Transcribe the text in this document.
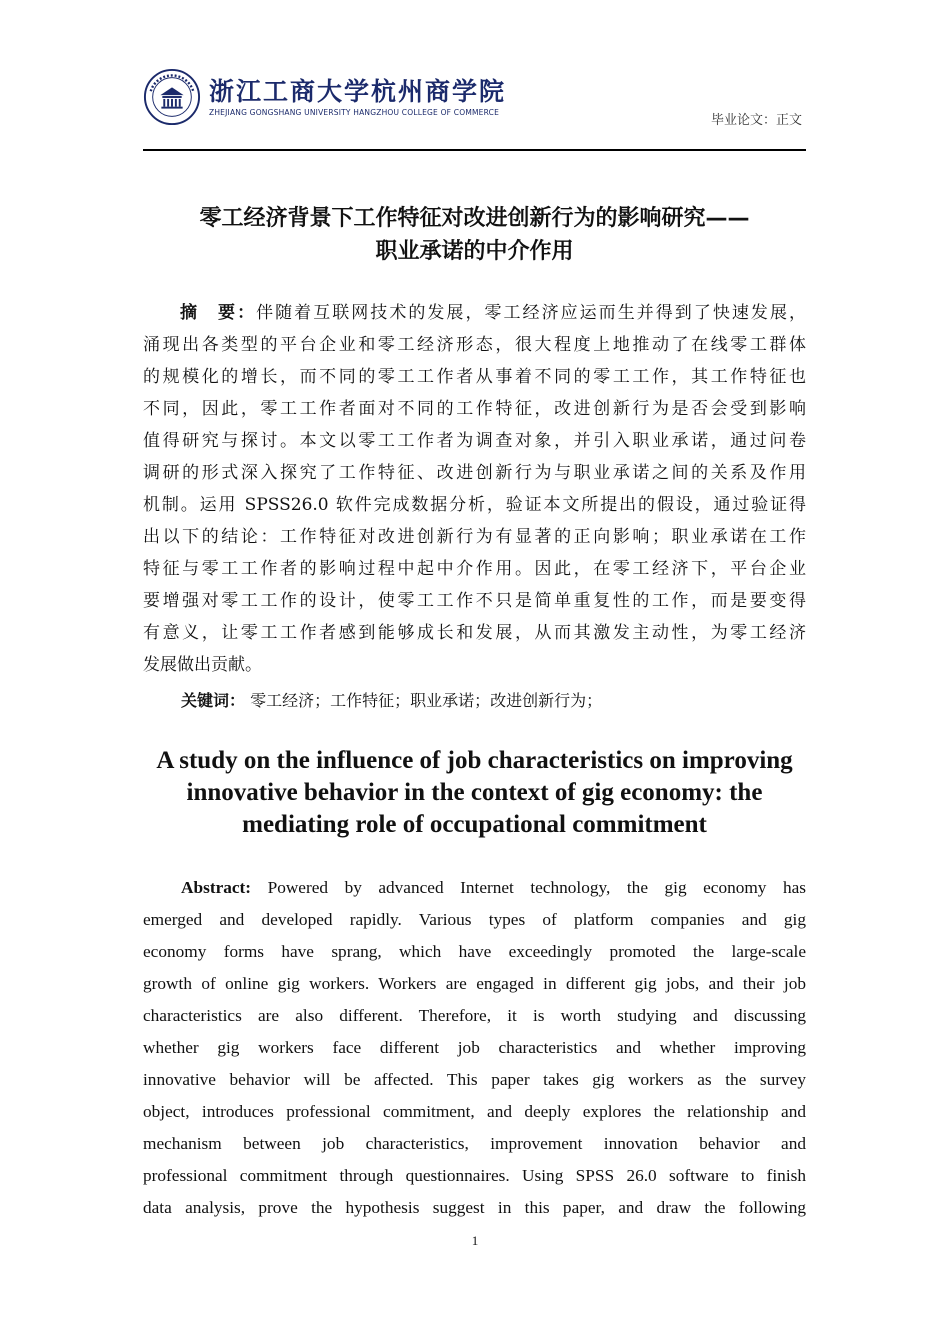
浙江工商大学杭州商学院
ZHEJIANG GONGSHANG UNIVERSITY HANGZHOU COLLEGE OF COMMERCE
毕业论文：正文
零工经济背景下工作特征对改进创新行为的影响研究——
职业承诺的中介作用
摘　要：伴随着互联网技术的发展，零工经济应运而生并得到了快速发展，
涌现出各类型的平台企业和零工经济形态，很大程度上地推动了在线零工群体
的规模化的增长，而不同的零工工作者从事着不同的零工工作，其工作特征也
不同，因此，零工工作者面对不同的工作特征，改进创新行为是否会受到影响
值得研究与探讨。本文以零工工作者为调查对象，并引入职业承诺，通过问卷
调研的形式深入探究了工作特征、改进创新行为与职业承诺之间的关系及作用
机制。运用 SPSS26.0 软件完成数据分析，验证本文所提出的假设，通过验证得
出以下的结论：工作特征对改进创新行为有显著的正向影响；职业承诺在工作
特征与零工工作者的影响过程中起中介作用。因此，在零工经济下，平台企业
要增强对零工工作的设计，使零工工作不只是简单重复性的工作，而是要变得
有意义，让零工工作者感到能够成长和发展，从而其激发主动性，为零工经济
发展做出贡献。
关键词： 零工经济；工作特征；职业承诺；改进创新行为；
A study on the influence of job characteristics on improving
innovative behavior in the context of gig economy: the
mediating role of occupational commitment
Abstract: Powered by advanced Internet technology, the gig economy has
emerged and developed rapidly. Various types of platform companies and gig
economy forms have sprang, which have exceedingly promoted the large-scale
growth of online gig workers. Workers are engaged in different gig jobs, and their job
characteristics are also different. Therefore, it is worth studying and discussing
whether gig workers face different job characteristics and whether improving
innovative behavior will be affected. This paper takes gig workers as the survey
object, introduces professional commitment, and deeply explores the relationship and
mechanism between job characteristics, improvement innovation behavior and
professional commitment through questionnaires. Using SPSS 26.0 software to finish
data analysis, prove the hypothesis suggest in this paper, and draw the following
1
